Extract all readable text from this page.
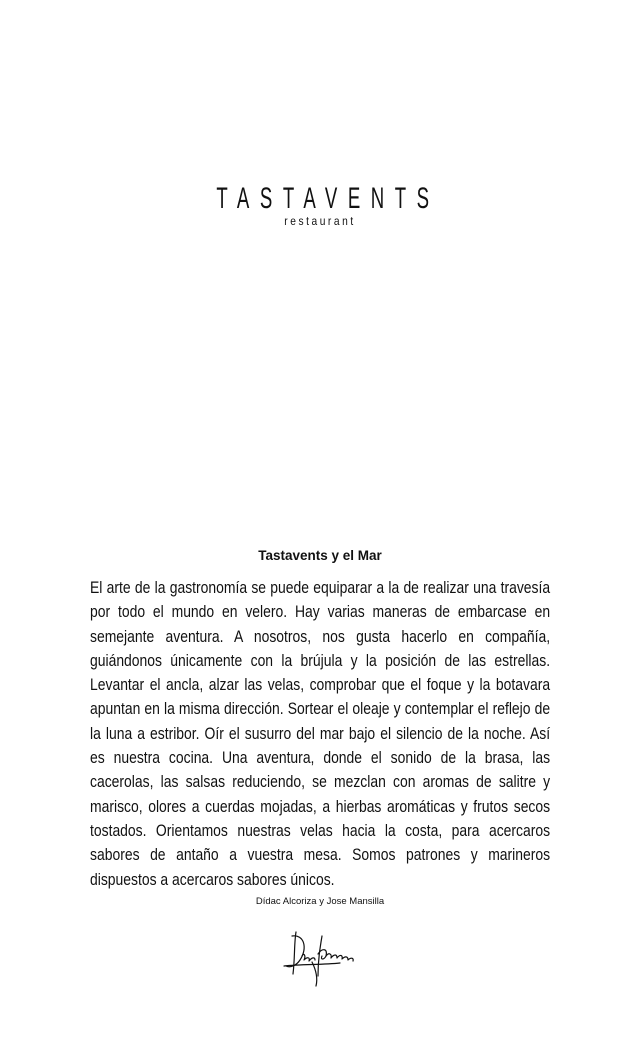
TASTAVENTS
restaurant
Tastavents y el Mar
El arte de la gastronomía se puede equiparar a la de realizar una travesía por todo el mundo en velero. Hay varias maneras de embarcase en semejante aventura. A nosotros, nos gusta hacerlo en compañía, guiándonos únicamente con la brújula y la posición de las estrellas. Levantar el ancla, alzar las velas, comprobar que el foque y la botavara apuntan en la misma dirección. Sortear el oleaje y contemplar el reflejo de la luna a estribor. Oír el susurro del mar bajo el silencio de la noche. Así es nuestra cocina. Una aventura, donde el sonido de la brasa, las cacerolas, las salsas reduciendo, se mezclan con aromas de salitre y marisco, olores a cuerdas mojadas, a hierbas aromáticas y frutos secos tostados. Orientamos nuestras velas hacia la costa, para acercaros sabores de antaño a vuestra mesa. Somos patrones y marineros dispuestos a acercaros sabores únicos.
Dídac Alcoriza y Jose Mansilla
